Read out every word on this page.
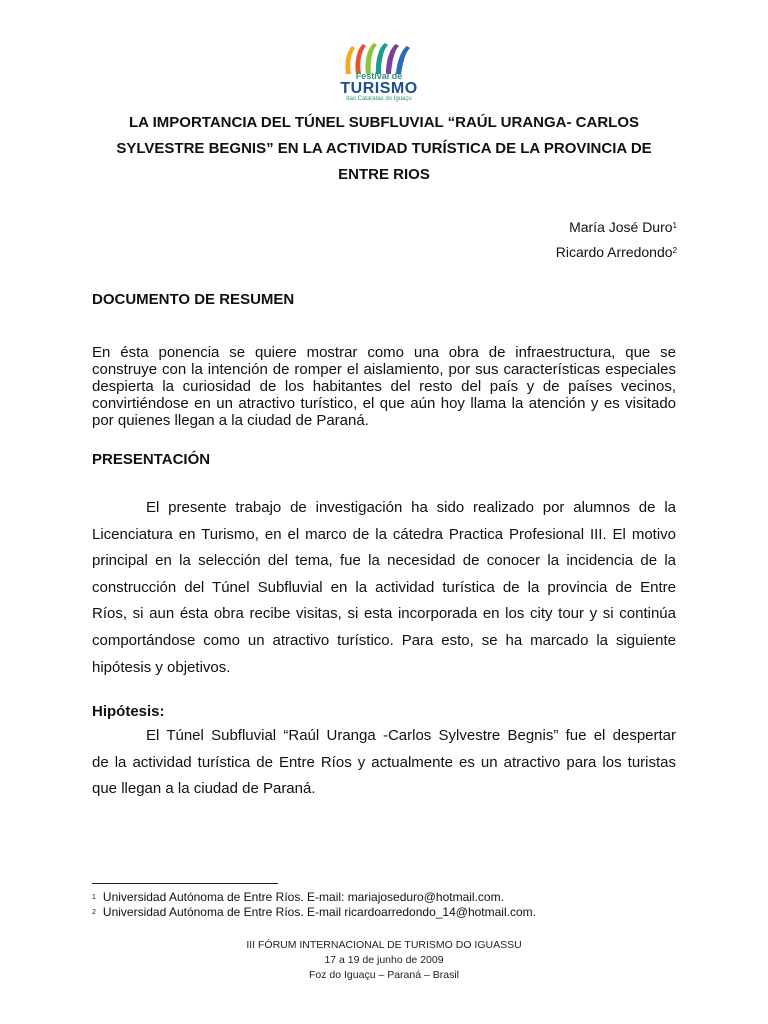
Festival de
TURISMO
das Cataratas do Iguaçu
LA IMPORTANCIA DEL TÚNEL SUBFLUVIAL “RAÚL URANGA- CARLOS
SYLVESTRE BEGNIS” EN LA ACTIVIDAD TURÍSTICA DE LA PROVINCIA DE
ENTRE RIOS
María José Duro$^1$
Ricardo Arredondo$^2$
DOCUMENTO DE RESUMEN
En ésta ponencia se quiere mostrar como una obra de infraestructura, que se construye con la intención de romper el aislamiento, por sus características especiales despierta la curiosidad de los habitantes del resto del país y de países vecinos, convirtiéndose en un atractivo turístico, el que aún hoy llama la atención y es visitado por quienes llegan a la ciudad de Paraná.
PRESENTACIÓN
El presente trabajo de investigación ha sido realizado por alumnos de la
Licenciatura en Turismo, en el marco de la cátedra Practica Profesional III. El motivo
principal en la selección del tema, fue la necesidad de conocer la incidencia de la
construcción del Túnel Subfluvial en la actividad turística de la provincia de Entre
Ríos, si aun ésta obra recibe visitas, si esta incorporada en los city tour y si continúa
comportándose como un atractivo turístico. Para esto, se ha marcado la siguiente
hipótesis y objetivos.
Hipótesis:
El Túnel Subfluvial “Raúl Uranga -Carlos Sylvestre Begnis” fue el despertar
de la actividad turística de Entre Ríos y actualmente es un atractivo para los turistas
que llegan a la ciudad de Paraná.
$^1$ Universidad Autónoma de Entre Ríos. E-mail: mariajoseduro@hotmail.com.
$^2$ Universidad Autónoma de Entre Ríos. E-mail ricardoarredondo_14@hotmail.com.
III FÓRUM INTERNACIONAL DE TURISMO DO IGUASSU
17 a 19 de junho de 2009
Foz do Iguaçu – Paraná – Brasil
